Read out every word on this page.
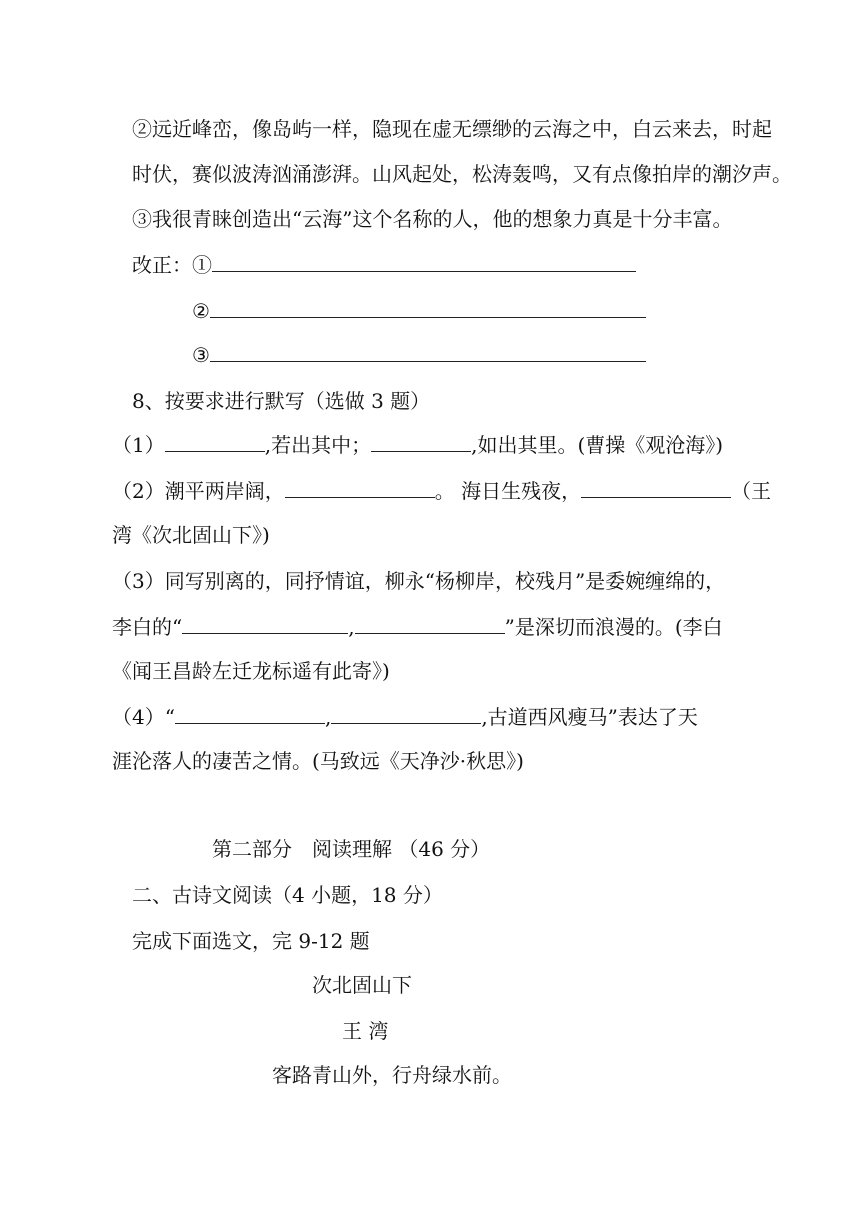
②远近峰峦，像岛屿一样，隐现在虚无缥缈的云海之中，白云来去，时起
时伏，赛似波涛汹涌澎湃。山风起处，松涛轰鸣，又有点像拍岸的潮汐声。
③我很青睐创造出“云海”这个名称的人，他的想象力真是十分丰富。
改正：①
②
③
8、按要求进行默写（选做 3 题）
（1）	,若出其中；	,如出其里。(曹操《观沧海》)
（2）潮平两岸阔，	。 海日生残夜，	（王
湾《次北固山下》)
（3）同写别离的，同抒情谊，柳永“杨柳岸，校残月”是委婉缠绵的，
李白的“	,	”是深切而浪漫的。(李白
《闻王昌龄左迁龙标遥有此寄》)
（4）“	,	,古道西风瘦马”表达了天
涯沦落人的凄苦之情。(马致远《天净沙·秋思》)
第二部分　阅读理解 （46 分）
二、古诗文阅读（4 小题，18 分）
完成下面选文，完 9-12 题
次北固山下
王 湾
客路青山外，行舟绿水前。
